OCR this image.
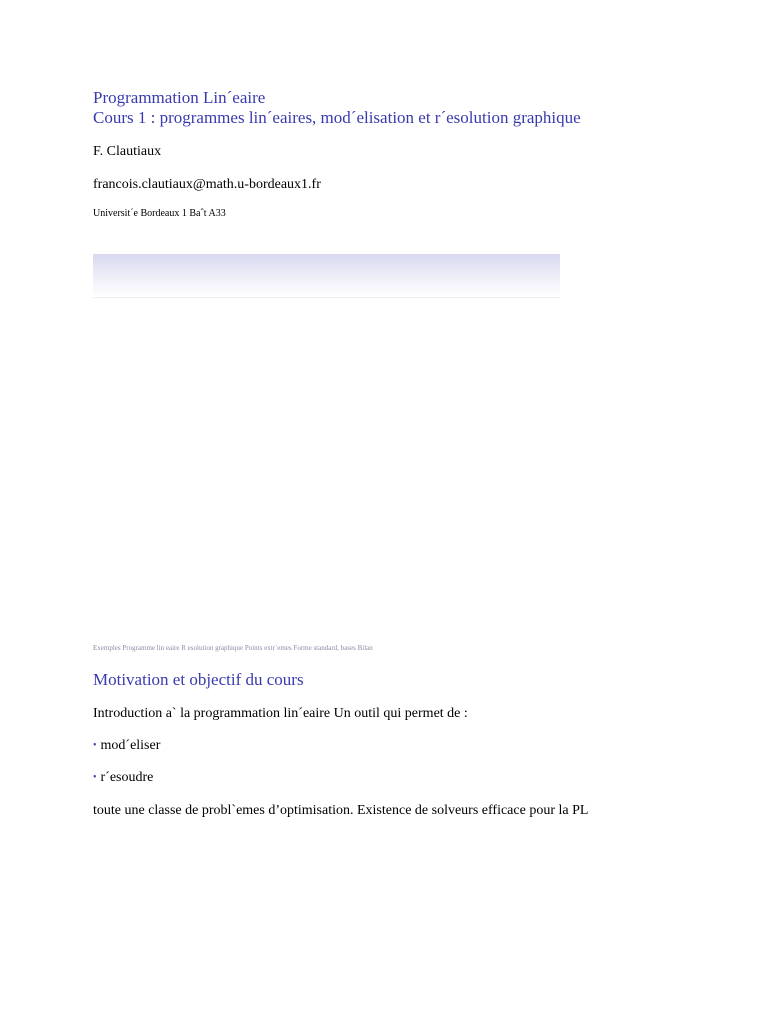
Programmation Lin´eaire
Cours 1 : programmes lin´eaires, mod´elisation et r´esolution graphique
F. Clautiaux
francois.clautiaux@math.u-bordeaux1.fr
Universit´e Bordeaux 1 Baˆt A33
Exemples Programme lin eaire R esolution graphique Points extr´emes Forme standard, bases Bilan
Motivation et objectif du cours
Introduction a` la programmation lin´eaire Un outil qui permet de :
• mod´eliser
• r´esoudre
toute une classe de probl`emes d’optimisation. Existence de solveurs efficace pour la PL
